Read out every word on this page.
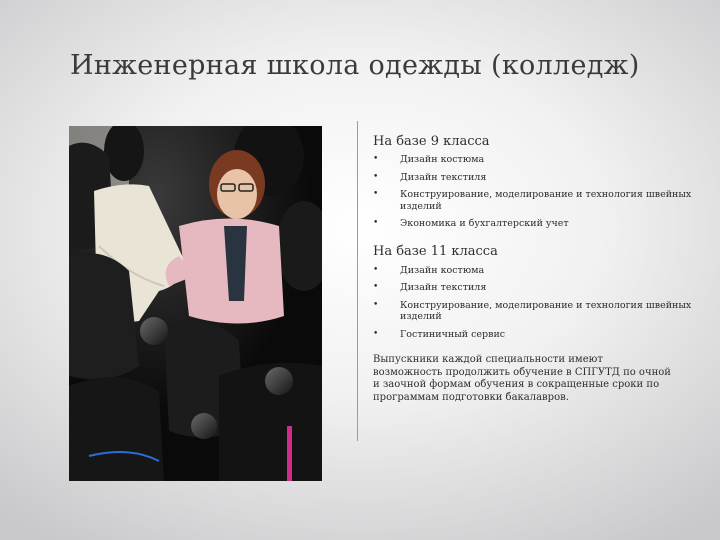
Инженерная школа одежды (колледж)
На базе 9 класса
• Дизайн костюма
• Дизайн текстиля
• Конструирование, моделирование и технология швейных изделий
• Экономика и бухгалтерский учет
На базе 11 класса
• Дизайн костюма
• Дизайн текстиля
• Конструирование, моделирование и технология швейных изделий
• Гостиничный сервис

Выпускники каждой специальности имеют возможность продолжить обучение в СПГУТД по очной и заочной формам обучения в сокращенные сроки по программам подготовки бакалавров.
